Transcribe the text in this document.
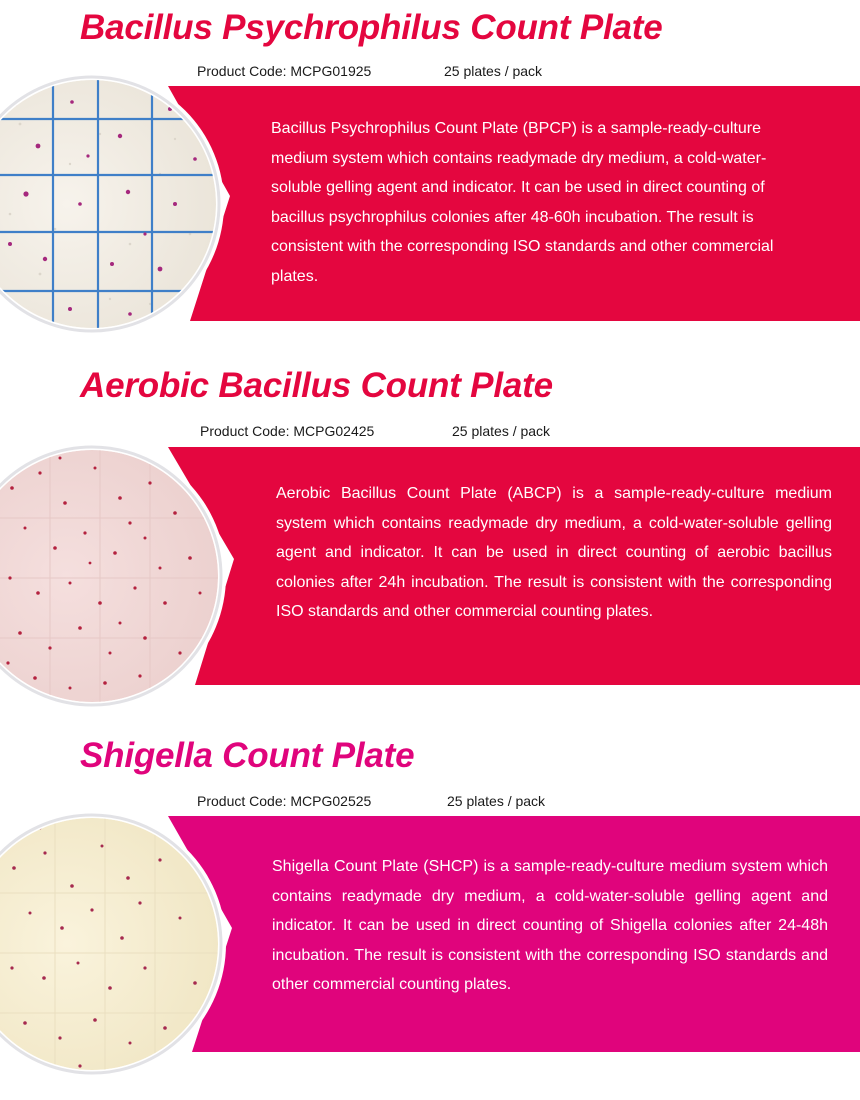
Bacillus Psychrophilus Count Plate
Product Code: MCPG01925	25 plates / pack

Bacillus Psychrophilus Count Plate (BPCP) is a sample-ready-culture medium system which contains readymade dry medium, a cold-water-soluble gelling agent and indicator. It can be used in direct counting of bacillus psychrophilus colonies after 48-60h incubation. The result is consistent with the corresponding ISO standards and other commercial plates.

Aerobic Bacillus Count Plate
Product Code: MCPG02425	25 plates / pack

Aerobic Bacillus Count Plate (ABCP) is a sample-ready-culture medium system which contains readymade dry medium, a cold-water-soluble gelling agent and indicator. It can be used in direct counting of aerobic bacillus colonies after 24h incubation. The result is consistent with the corresponding ISO standards and other commercial counting plates.

Shigella Count Plate
Product Code: MCPG02525	25 plates / pack

Shigella Count Plate (SHCP) is a sample-ready-culture medium system which contains readymade dry medium, a cold-water-soluble gelling agent and indicator. It can be used in direct counting of Shigella colonies after 24-48h incubation. The result is consistent with the corresponding ISO standards and other commercial counting plates.
